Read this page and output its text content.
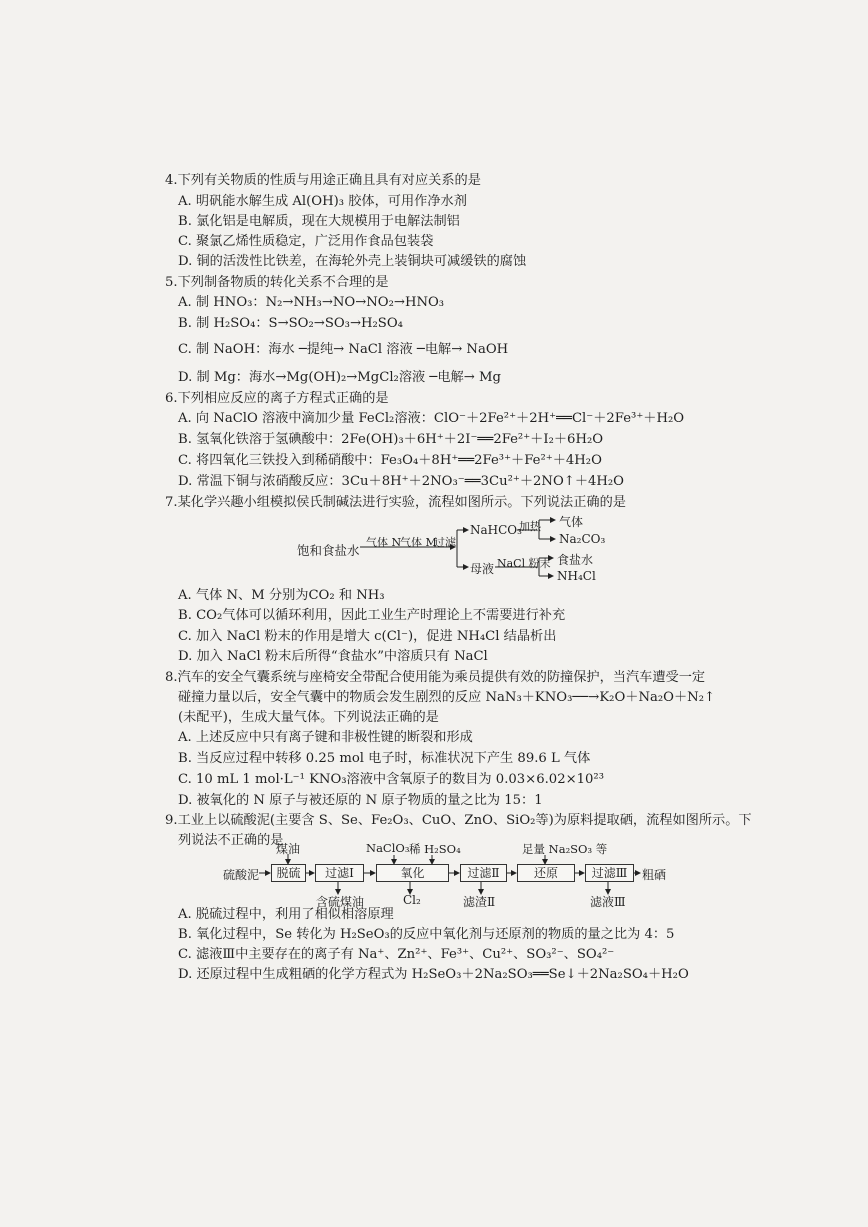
4.下列有关物质的性质与用途正确且具有对应关系的是
A. 明矾能水解生成 Al(OH)₃ 胶体，可用作净水剂
B. 氯化铝是电解质，现在大规模用于电解法制铝
C. 聚氯乙烯性质稳定，广泛用作食品包装袋
D. 铜的活泼性比铁差，在海轮外壳上装铜块可减缓铁的腐蚀
5.下列制备物质的转化关系不合理的是
A. 制 HNO₃：N₂→NH₃→NO→NO₂→HNO₃
B. 制 H₂SO₄：S→SO₂→SO₃→H₂SO₄
C. 制 NaOH：海水 ─提纯→ NaCl 溶液 ─电解→ NaOH
D. 制 Mg：海水→Mg(OH)₂→MgCl₂溶液 ─电解→ Mg
6.下列相应反应的离子方程式正确的是
A. 向 NaClO 溶液中滴加少量 FeCl₂溶液：ClO⁻＋2Fe²⁺＋2H⁺══Cl⁻＋2Fe³⁺＋H₂O
B. 氢氧化铁溶于氢碘酸中：2Fe(OH)₃＋6H⁺＋2I⁻══2Fe²⁺＋I₂＋6H₂O
C. 将四氧化三铁投入到稀硝酸中：Fe₃O₄＋8H⁺══2Fe³⁺＋Fe²⁺＋4H₂O
D. 常温下铜与浓硝酸反应：3Cu＋8H⁺＋2NO₃⁻══3Cu²⁺＋2NO↑＋4H₂O
7.某化学兴趣小组模拟侯氏制碱法进行实验，流程如图所示。下列说法正确的是
饱和食盐水
气体 N
气体 M
过滤
NaHCO₃
加热 气体
Na₂CO₃
母液 NaCl 粉末 食盐水
NH₄Cl
A. 气体 N、M 分别为CO₂ 和 NH₃
B. CO₂气体可以循环利用，因此工业生产时理论上不需要进行补充
C. 加入 NaCl 粉末的作用是增大 c(Cl⁻)，促进 NH₄Cl 结晶析出
D. 加入 NaCl 粉末后所得“食盐水”中溶质只有 NaCl
8.汽车的安全气囊系统与座椅安全带配合使用能为乘员提供有效的防撞保护，当汽车遭受一定
碰撞力量以后，安全气囊中的物质会发生剧烈的反应 NaN₃＋KNO₃──→K₂O＋Na₂O＋N₂↑
(未配平)，生成大量气体。下列说法正确的是
A. 上述反应中只有离子键和非极性键的断裂和形成
B. 当反应过程中转移 0.25 mol 电子时，标准状况下产生 89.6 L 气体
C. 10 mL 1 mol·L⁻¹ KNO₃溶液中含氧原子的数目为 0.03×6.02×10²³
D. 被氧化的 N 原子与被还原的 N 原子物质的量之比为 15：1
9.工业上以硫酸泥(主要含 S、Se、Fe₂O₃、CuO、ZnO、SiO₂等)为原料提取硒，流程如图所示。下
列说法不正确的是
煤油	NaClO₃ 稀 H₂SO₄	足量 Na₂SO₃ 等
硫酸泥	脱硫	过滤Ⅰ	氧化	过滤Ⅱ	还原	过滤Ⅲ	粗硒
含硫煤油	Cl₂	滤渣Ⅱ	滤液Ⅲ
A. 脱硫过程中，利用了相似相溶原理
B. 氧化过程中，Se 转化为 H₂SeO₃的反应中氧化剂与还原剂的物质的量之比为 4：5
C. 滤液Ⅲ中主要存在的离子有 Na⁺、Zn²⁺、Fe³⁺、Cu²⁺、SO₃²⁻、SO₄²⁻
D. 还原过程中生成粗硒的化学方程式为 H₂SeO₃＋2Na₂SO₃══Se↓＋2Na₂SO₄＋H₂O
